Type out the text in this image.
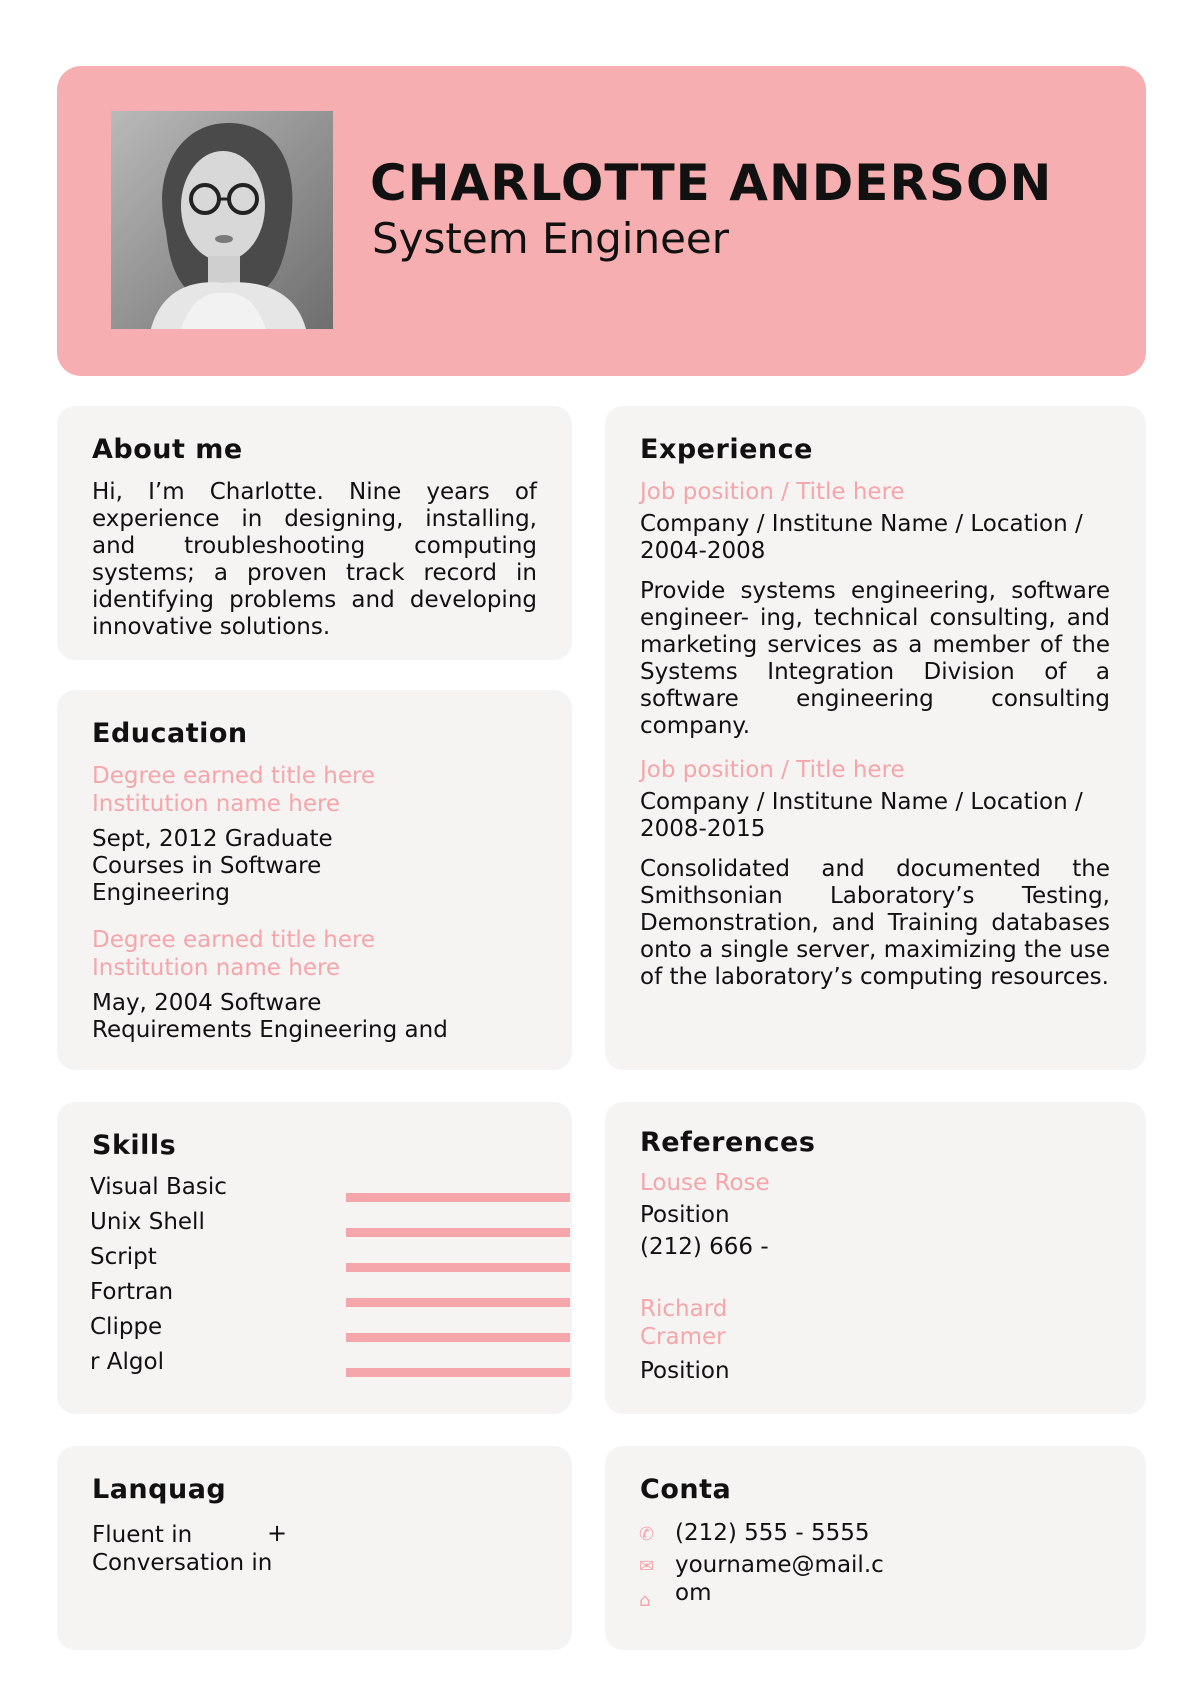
CHARLOTTE ANDERSON
System Engineer
About me
Hi, I’m Charlotte. Nine years of experience in designing, installing, and troubleshooting computing systems; a proven track record in identifying problems and developing innovative solutions.
Education
Degree earned title here
Institution name here
Sept, 2012 Graduate Courses in Software Engineering
Degree earned title here
Institution name here
May, 2004 Software Requirements Engineering and
Experience
Job position / Title here
Company / Institune Name / Location / 2004-2008
Provide systems engineering, software engineer- ing, technical consulting, and marketing services as a member of the Systems Integration Division of a software engineering consulting company.
Job position / Title here
Company / Institune Name / Location / 2008-2015
Consolidated and documented the Smithsonian Laboratory’s Testing, Demonstration, and Training databases onto a single server, maximizing the use of the laboratory’s computing resources.
Skills
Visual Basic
Unix Shell
Script
Fortran
Clippe
r Algol
References
Louse Rose
Position
(212) 666 -
Richard
Cramer
Position
Lanquag
Fluent in	+
Conversation in
Conta
✆ (212) 555 - 5555
✉ yourname@mail.c
om
⌂
